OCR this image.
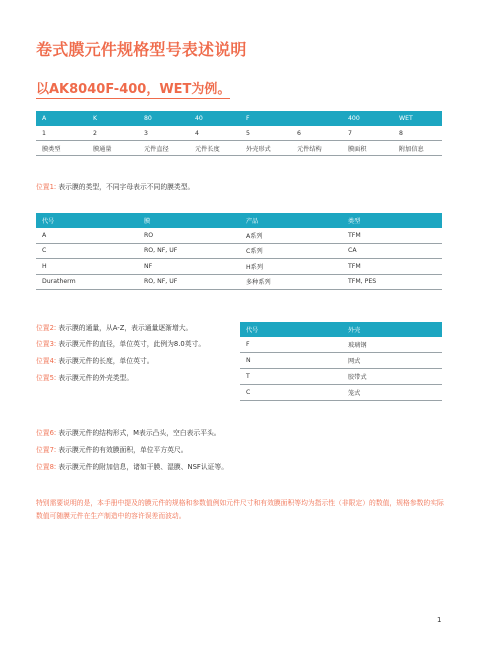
卷式膜元件规格型号表述说明
以AK8040F-400，WET为例。
A	K	80	40	F		400	WET
1	2	3	4	5	6	7	8
膜类型	膜通量	元件直径	元件长度	外壳形式	元件结构	膜面积	附加信息
位置1: 表示膜的类型，不同字母表示不同的膜类型。
代号	膜	产品	类型
A	RO	A系列	TFM
C	RO, NF, UF	C系列	CA
H	NF	H系列	TFM
Duratherm	RO, NF, UF	多种系列	TFM, PES
位置2: 表示膜的通量，从A-Z，表示通量逐渐增大。
位置3: 表示膜元件的直径，单位英寸，此例为8.0英寸。
位置4: 表示膜元件的长度，单位英寸。
位置5: 表示膜元件的外壳类型。
代号	外壳
F	玻璃钢
N	网式
T	胶带式
C	笼式
位置6: 表示膜元件的结构形式，M表示凸头，空白表示平头。
位置7: 表示膜元件的有效膜面积，单位平方英尺。
位置8: 表示膜元件的附加信息，诸如干膜、湿膜、NSF认证等。
特别需要说明的是，本手册中提及的膜元件的规格和参数值例如元件尺寸和有效膜面积等均为指示性（非限定）的数值，规格参数的实际数值可随膜元件在生产制造中的容许误差而波动。
1
